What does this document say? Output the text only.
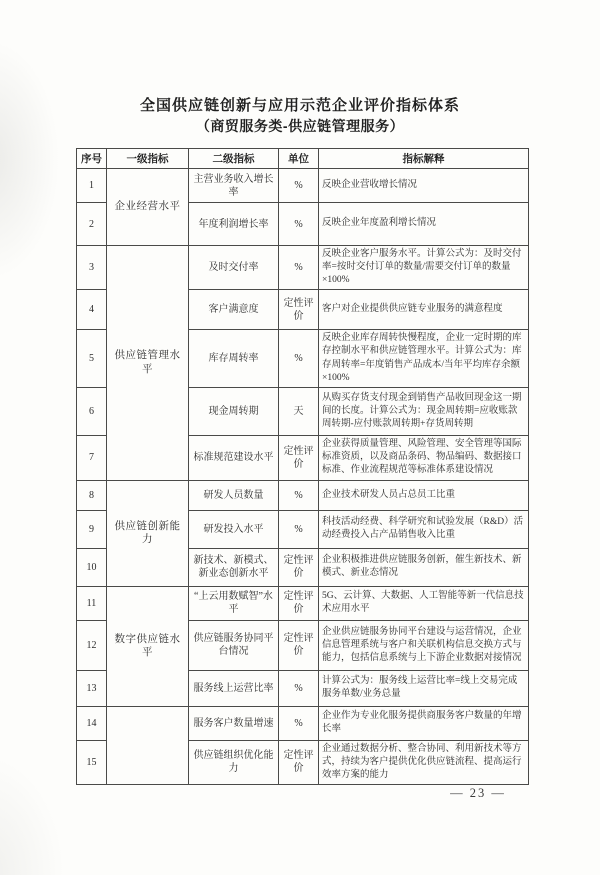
全国供应链创新与应用示范企业评价指标体系
（商贸服务类-供应链管理服务）
序号	一级指标	二级指标	单位	指标解释
1	企业经营水平	主营业务收入增长率	%	反映企业营收增长情况
2		年度利润增长率	%	反映企业年度盈利增长情况
3	供应链管理水平	及时交付率	%	反映企业客户服务水平。计算公式为：及时交付率=按时交付订单的数量/需要交付订单的数量×100%
4		客户满意度	定性评价	客户对企业提供供应链专业服务的满意程度
5		库存周转率	%	反映企业库存周转快慢程度，企业一定时期的库存控制水平和供应链管理水平。计算公式为：库存周转率=年度销售产品成本/当年平均库存余额×100%
6		现金周转期	天	从购买存货支付现金到销售产品收回现金这一期间的长度。计算公式为：现金周转期=应收账款周转期-应付账款周转期+存货周转期
7		标准规范建设水平	定性评价	企业获得质量管理、风险管理、安全管理等国际标准资质，以及商品条码、物品编码、数据接口标准、作业流程规范等标准体系建设情况
8	供应链创新能力	研发人员数量	%	企业技术研发人员占总员工比重
9		研发投入水平	%	科技活动经费、科学研究和试验发展（R&D）活动经费投入占产品销售收入比重
10		新技术、新模式、新业态创新水平	定性评价	企业积极推进供应链服务创新，催生新技术、新模式、新业态情况
11	数字供应链水平	“上云用数赋智”水平	定性评价	5G、云计算、大数据、人工智能等新一代信息技术应用水平
12		供应链服务协同平台情况	定性评价	企业供应链服务协同平台建设与运营情况，企业信息管理系统与客户和关联机构信息交换方式与能力，包括信息系统与上下游企业数据对接情况
13		服务线上运营比率	%	计算公式为：服务线上运营比率=线上交易完成服务单数/业务总量
14		服务客户数量增速	%	企业作为专业化服务提供商服务客户数量的年增长率
15		供应链组织优化能力	定性评价	企业通过数据分析、整合协同、利用新技术等方式，持续为客户提供优化供应链流程、提高运行效率方案的能力
— 23 —
